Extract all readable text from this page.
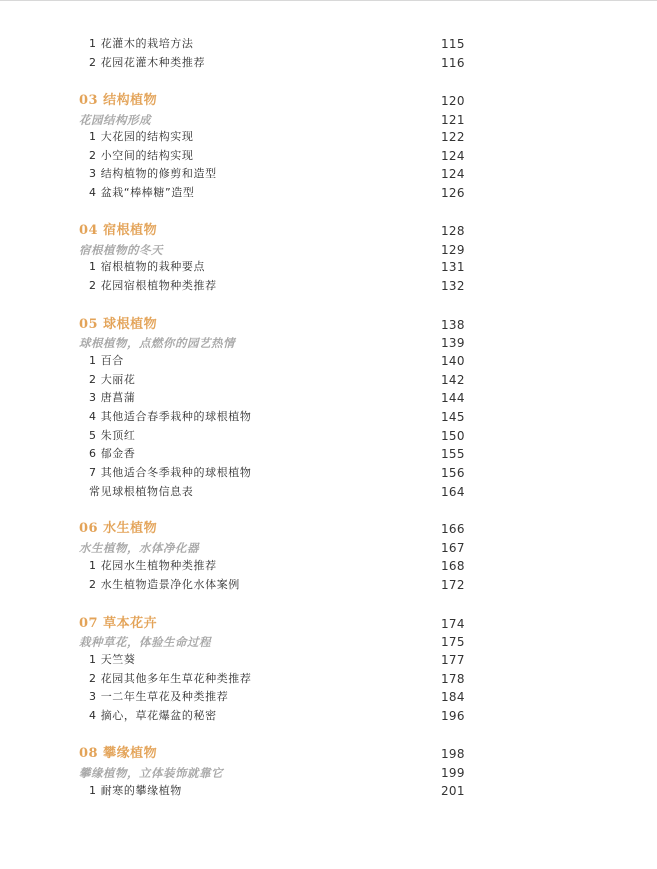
1 花灌木的栽培方法	115
2 花园花灌木种类推荐	116
03 结构植物	120
花园结构形成	121
1 大花园的结构实现	122
2 小空间的结构实现	124
3 结构植物的修剪和造型	124
4 盆栽“棒棒糖”造型	126
04 宿根植物	128
宿根植物的冬天	129
1 宿根植物的栽种要点	131
2 花园宿根植物种类推荐	132
05 球根植物	138
球根植物，点燃你的园艺热情	139
1 百合	140
2 大丽花	142
3 唐菖蒲	144
4 其他适合春季栽种的球根植物	145
5 朱顶红	150
6 郁金香	155
7 其他适合冬季栽种的球根植物	156
常见球根植物信息表	164
06 水生植物	166
水生植物，水体净化器	167
1 花园水生植物种类推荐	168
2 水生植物造景净化水体案例	172
07 草本花卉	174
栽种草花，体验生命过程	175
1 天竺葵	177
2 花园其他多年生草花种类推荐	178
3 一二年生草花及种类推荐	184
4 摘心，草花爆盆的秘密	196
08 攀缘植物	198
攀缘植物，立体装饰就靠它	199
1 耐寒的攀缘植物	201
